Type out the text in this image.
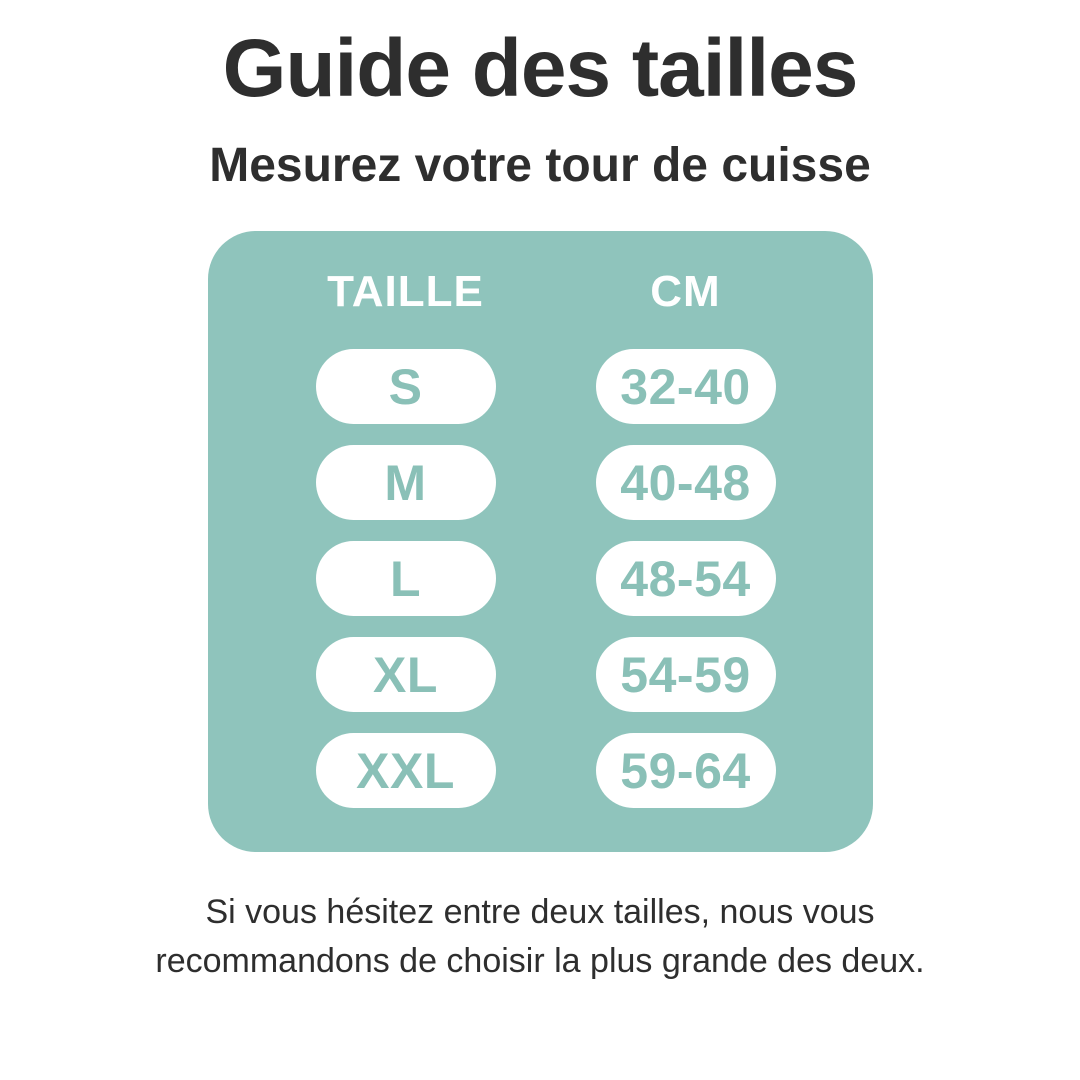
Guide des tailles
Mesurez votre tour de cuisse
TAILLE	CM
S	32-40
M	40-48
L	48-54
XL	54-59
XXL	59-64

Si vous hésitez entre deux tailles, nous vous recommandons de choisir la plus grande des deux.
